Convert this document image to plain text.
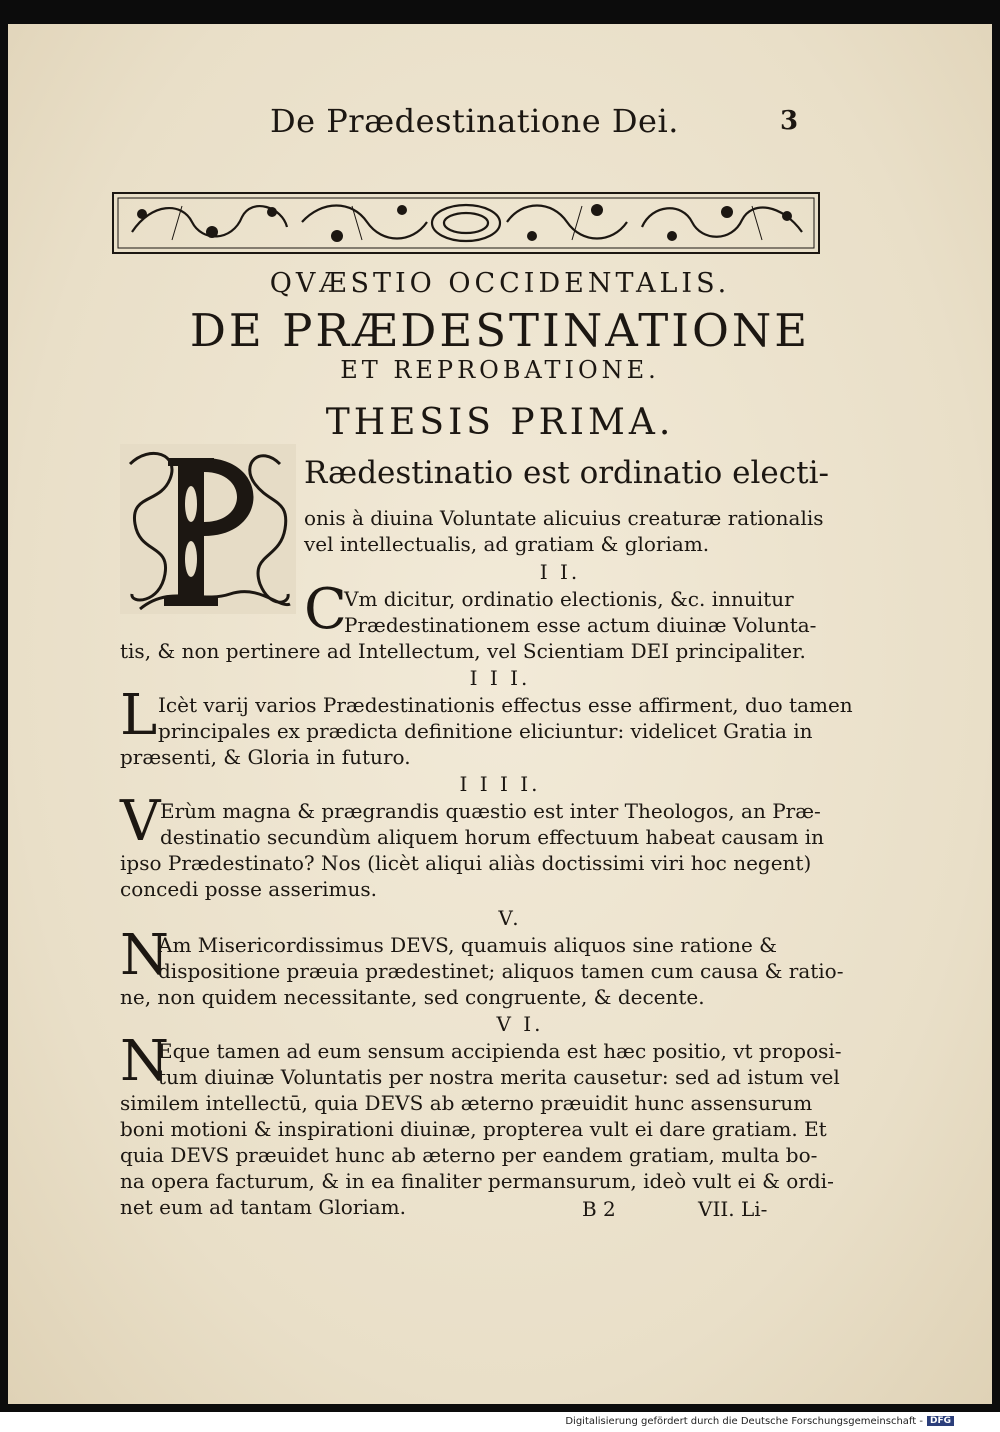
De Prædestinatione Dei.	3
QVÆSTIO OCCIDENTALIS.
DE PRÆDESTINATIONE
ET REPROBATIONE.
THESIS PRIMA.
Rædestinatio est ordinatio electi-
onis à diuina Voluntate alicuius creaturæ rationalis
vel intellectualis, ad gratiam & gloriam.
I I.
C
Vm dicitur, ordinatio electionis, &c. innuitur
Prædestinationem esse actum diuinæ Volunta-
tis, & non pertinere ad Intellectum, vel Scientiam DEI principaliter.
I I I.
L Icèt varij varios Prædestinationis effectus esse affirment, duo tamen
principales ex prædicta definitione eliciuntur: videlicet Gratia in
præsenti, & Gloria in futuro.
I I I I.
V Erùm magna & prægrandis quæstio est inter Theologos, an Præ-
destinatio secundùm aliquem horum effectuum habeat causam in
ipso Prædestinato? Nos (licèt aliqui aliàs doctissimi viri hoc negent)
concedi posse asserimus.
V.
N
Am Misericordissimus DEVS, quamuis aliquos sine ratione &
dispositione præuia prædestinet; aliquos tamen cum causa & ratio-
ne, non quidem necessitante, sed congruente, & decente.
V I.
N
Eque tamen ad eum sensum accipienda est hæc positio, vt proposi-
tum diuinæ Voluntatis per nostra merita causetur: sed ad istum vel
similem intellectū, quia DEVS ab æterno præuidit hunc assensurum
boni motioni & inspirationi diuinæ, propterea vult ei dare gratiam. Et
quia DEVS præuidet hunc ab æterno per eandem gratiam, multa bo-
na opera facturum, & in ea finaliter permansurum, ideò vult ei & ordi-
net eum ad tantam Gloriam.	B 2	VII. Li-
Digitalisierung gefördert durch die Deutsche Forschungsgemeinschaft - DFG
